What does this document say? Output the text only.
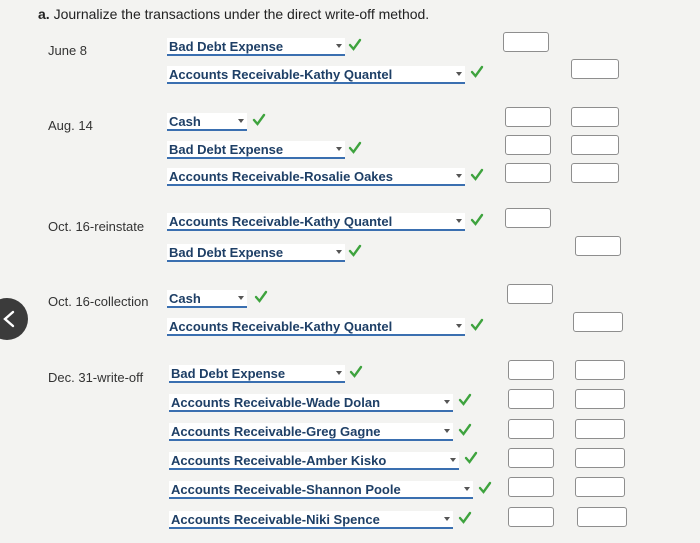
a. Journalize the transactions under the direct write-off method.
June 8	Bad Debt Expense
Accounts Receivable-Kathy Quantel
Aug. 14	Cash
Bad Debt Expense
Accounts Receivable-Rosalie Oakes
Oct. 16-reinstate Accounts Receivable-Kathy Quantel
Bad Debt Expense
Oct. 16-collection Cash
Accounts Receivable-Kathy Quantel
Dec. 31-write-off Bad Debt Expense
Accounts Receivable-Wade Dolan
Accounts Receivable-Greg Gagne
Accounts Receivable-Amber Kisko
Accounts Receivable-Shannon Poole
Accounts Receivable-Niki Spence
